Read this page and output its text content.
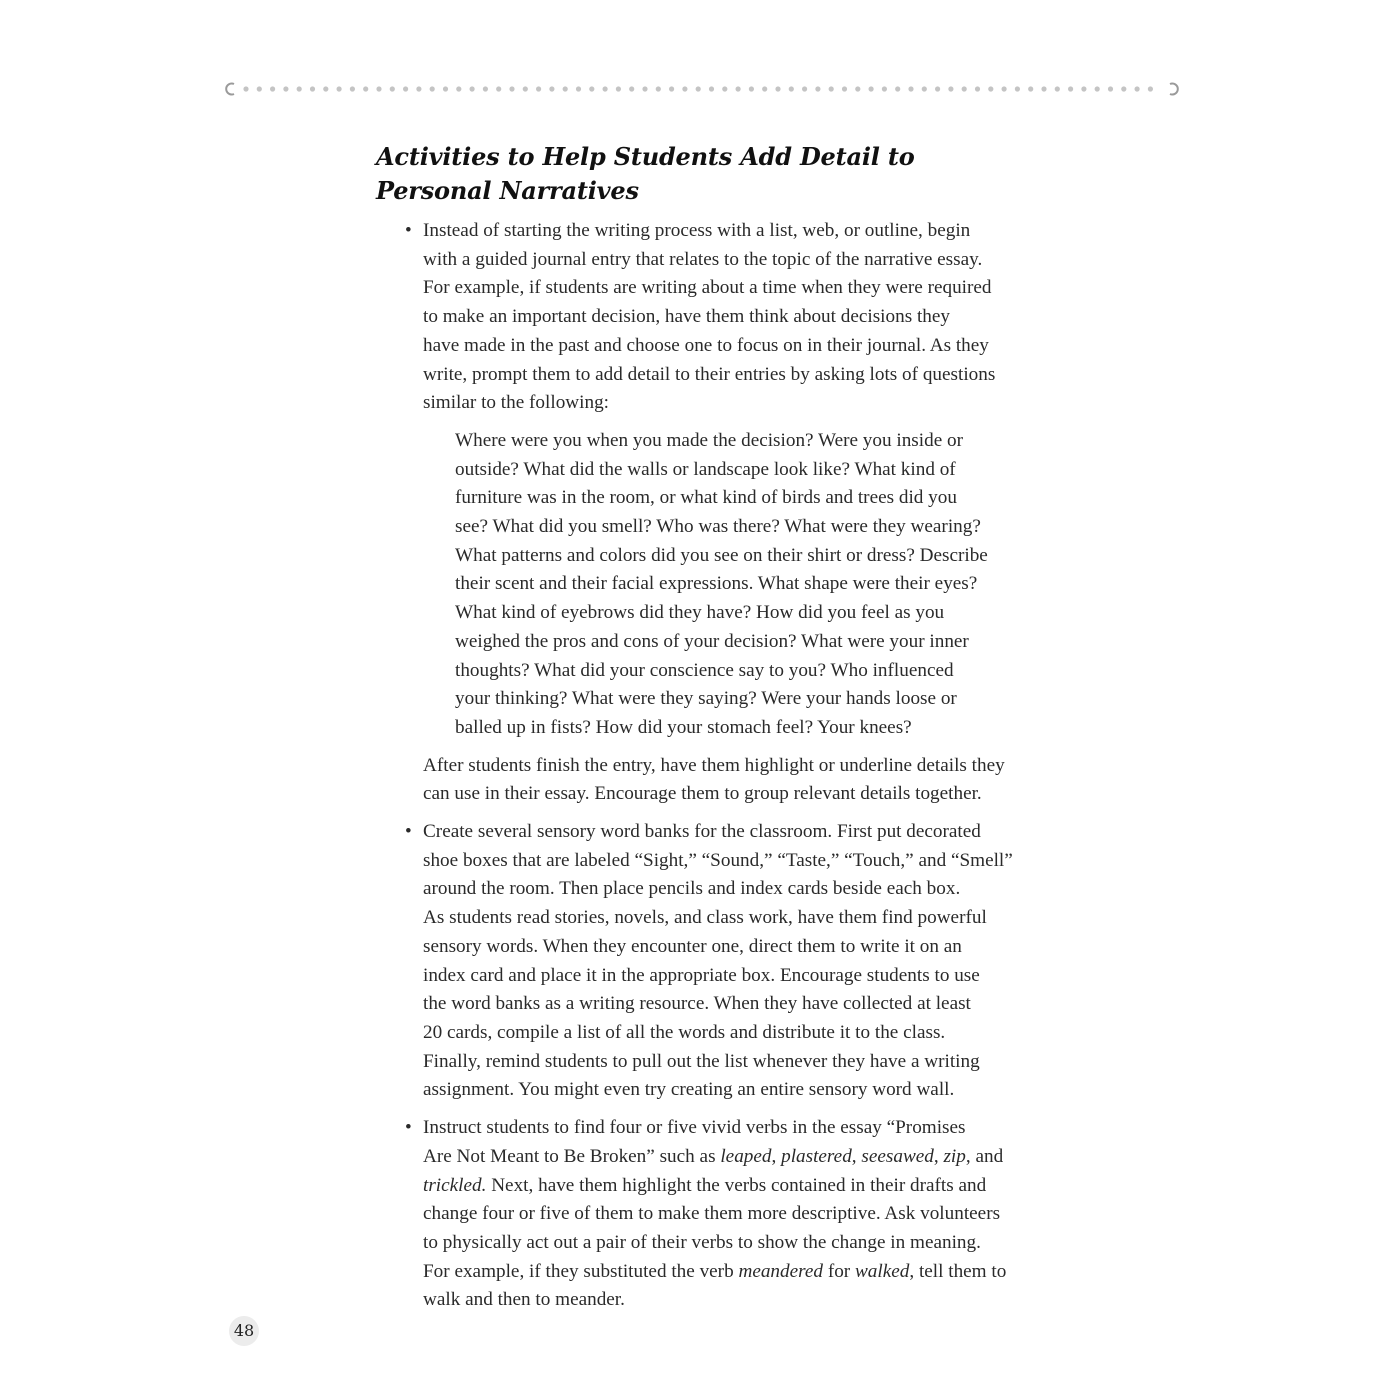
Activities to Help Students Add Detail to
Personal Narratives
• Instead of starting the writing process with a list, web, or outline, begin
with a guided journal entry that relates to the topic of the narrative essay.
For example, if students are writing about a time when they were required
to make an important decision, have them think about decisions they
have made in the past and choose one to focus on in their journal. As they
write, prompt them to add detail to their entries by asking lots of questions
similar to the following:
Where were you when you made the decision? Were you inside or
outside? What did the walls or landscape look like? What kind of
furniture was in the room, or what kind of birds and trees did you
see? What did you smell? Who was there? What were they wearing?
What patterns and colors did you see on their shirt or dress? Describe
their scent and their facial expressions. What shape were their eyes?
What kind of eyebrows did they have? How did you feel as you
weighed the pros and cons of your decision? What were your inner
thoughts? What did your conscience say to you? Who influenced
your thinking? What were they saying? Were your hands loose or
balled up in fists? How did your stomach feel? Your knees?
After students finish the entry, have them highlight or underline details they
can use in their essay. Encourage them to group relevant details together.
• Create several sensory word banks for the classroom. First put decorated
shoe boxes that are labeled “Sight,” “Sound,” “Taste,” “Touch,” and “Smell”
around the room. Then place pencils and index cards beside each box.
As students read stories, novels, and class work, have them find powerful
sensory words. When they encounter one, direct them to write it on an
index card and place it in the appropriate box. Encourage students to use
the word banks as a writing resource. When they have collected at least
20 cards, compile a list of all the words and distribute it to the class.
Finally, remind students to pull out the list whenever they have a writing
assignment. You might even try creating an entire sensory word wall.
• Instruct students to find four or five vivid verbs in the essay “Promises
Are Not Meant to Be Broken” such as leaped, plastered, seesawed, zip, and
trickled. Next, have them highlight the verbs contained in their drafts and
change four or five of them to make them more descriptive. Ask volunteers
to physically act out a pair of their verbs to show the change in meaning.
For example, if they substituted the verb meandered for walked, tell them to
walk and then to meander.
48
